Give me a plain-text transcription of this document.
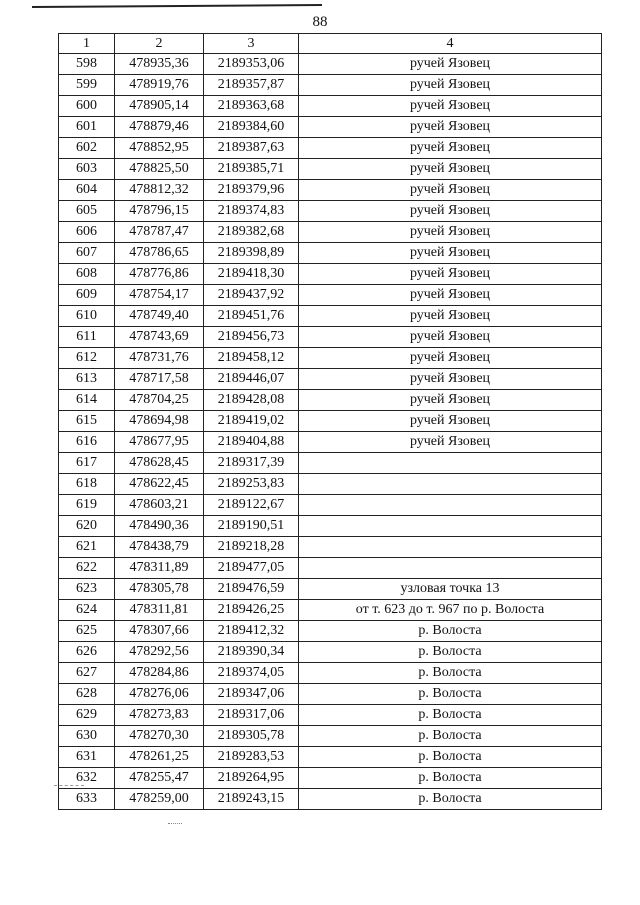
88
1	2	3	4
598	478935,36	2189353,06	ручей Язовец
599	478919,76	2189357,87	ручей Язовец
600	478905,14	2189363,68	ручей Язовец
601	478879,46	2189384,60	ручей Язовец
602	478852,95	2189387,63	ручей Язовец
603	478825,50	2189385,71	ручей Язовец
604	478812,32	2189379,96	ручей Язовец
605	478796,15	2189374,83	ручей Язовец
606	478787,47	2189382,68	ручей Язовец
607	478786,65	2189398,89	ручей Язовец
608	478776,86	2189418,30	ручей Язовец
609	478754,17	2189437,92	ручей Язовец
610	478749,40	2189451,76	ручей Язовец
611	478743,69	2189456,73	ручей Язовец
612	478731,76	2189458,12	ручей Язовец
613	478717,58	2189446,07	ручей Язовец
614	478704,25	2189428,08	ручей Язовец
615	478694,98	2189419,02	ручей Язовец
616	478677,95	2189404,88	ручей Язовец
617	478628,45	2189317,39	
618	478622,45	2189253,83	
619	478603,21	2189122,67	
620	478490,36	2189190,51	
621	478438,79	2189218,28	
622	478311,89	2189477,05	
623	478305,78	2189476,59	узловая точка 13
624	478311,81	2189426,25	от т. 623 до т. 967 по р. Волоста
625	478307,66	2189412,32	р. Волоста
626	478292,56	2189390,34	р. Волоста
627	478284,86	2189374,05	р. Волоста
628	478276,06	2189347,06	р. Волоста
629	478273,83	2189317,06	р. Волоста
630	478270,30	2189305,78	р. Волоста
631	478261,25	2189283,53	р. Волоста
632	478255,47	2189264,95	р. Волоста
633	478259,00	2189243,15	р. Волоста
